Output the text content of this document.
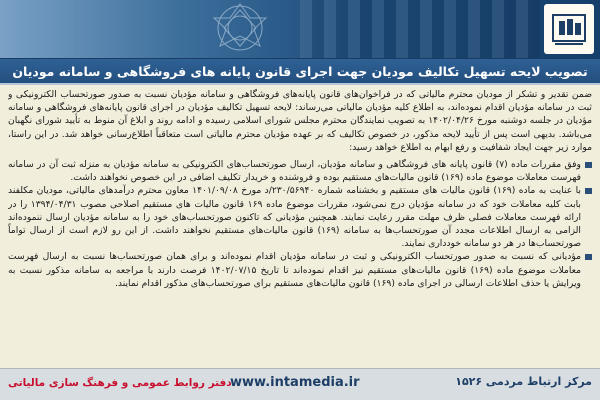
تصویب لایحه تسهیل تکالیف مودیان جهت اجرای قانون پایانه های فروشگاهی و سامانه مودیان

ضمن تقدیر و تشکر از مودیان محترم مالیاتی که در فراخوان‌های قانون پایانه‌های فروشگاهی و سامانه مؤدیان نسبت به صدور صورتحساب الکترونیکی و ثبت در سامانه مؤدیان اقدام نموده‌اند، به اطلاع کلیه مؤدیان مالیاتی می‌رساند: لایحه تسهیل تکالیف مؤدیان در اجرای قانون پایانه‌های فروشگاهی و سامانه مؤدیان در جلسه دوشنبه مورخ ۱۴۰۲/۰۴/۲۶ به تصویب نمایندگان محترم مجلس شورای اسلامی رسیده و ادامه روند و ابلاغ آن منوط به تأیید شورای نگهبان می‌باشد. بدیهی است پس از تأیید لایحه مذکور، در خصوص تکالیف که بر عهده مؤدیان محترم مالیاتی است متعاقباً اطلاع‌رسانی خواهد شد. در این راستا، موارد زیر جهت ایجاد شفافیت و رفع ابهام به اطلاع خواهد رسید:

وفق مقررات ماده (۷) قانون پایانه های فروشگاهی و سامانه مؤدیان، ارسال صورتحساب‌های الکترونیکی به سامانه مؤدیان به منزله ثبت آن در سامانه فهرست معاملات موضوع ماده (۱۶۹) قانون مالیات‌های مستقیم بوده و فروشنده و خریدار تکلیف اضافی در این خصوص نخواهند داشت.
با عنایت به ماده (۱۶۹) قانون مالیات های مستقیم و بخشنامه شماره ۲۳۰/۵۶۹۴۰/د مورخ ۱۴۰۱/۰۹/۰۸ معاون محترم درآمدهای مالیاتی، مودیان مکلفند بابت کلیه معاملات خود که در سامانه مؤدیان درج نمی‌شود، مقررات موضوع ماده ۱۶۹ قانون مالیات های مستقیم اصلاحی مصوب ۱۳۹۴/۰۴/۳۱ را در ارائه فهرست معاملات فصلی ظرف مهلت مقرر رعایت نمایند. همچنین مؤدیانی که تاکنون صورتحساب‌های خود را به سامانه مؤدیان ارسال ننموده‌اند الزامی به ارسال اطلاعات مجدد آن صورتحساب‌ها به سامانه (۱۶۹) قانون مالیات‌های مستقیم نخواهند داشت. از این رو لازم است از ارسال تواماً صورتحساب‌ها در هر دو سامانه خودداری نمایند.
مؤدیانی که نسبت به صدور صورتحساب الکترونیکی و ثبت در سامانه مؤدیان اقدام نموده‌اند و برای همان صورتحساب‌ها نسبت به ارسال فهرست معاملات موضوع ماده (۱۶۹) قانون مالیات‌های مستقیم نیز اقدام نموده‌اند تا تاریخ ۱۴۰۲/۰۷/۱۵ فرصت دارند با مراجعه به سامانه مذکور نسبت به ویرایش یا حذف اطلاعات ارسالی در اجرای ماده (۱۶۹) قانون مالیات‌های مستقیم برای صورتحساب‌های مذکور اقدام نمایند.
دفتر روابط عمومی و فرهنگ سازی مالیاتی
www.intamedia.ir	مرکز ارتباط مردمی ۱۵۲۶
